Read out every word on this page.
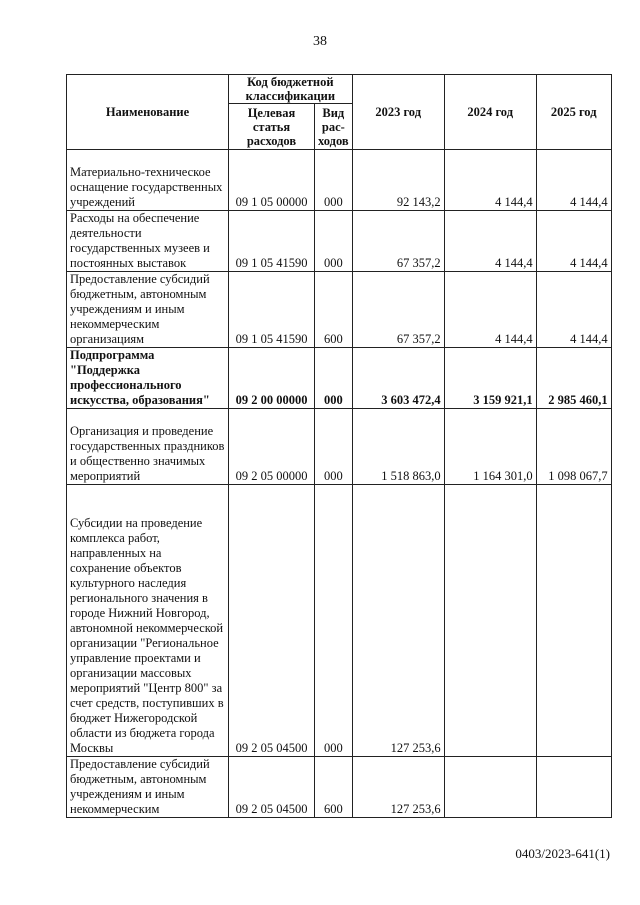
38
Наименование	Код бюджетной классификации		2023 год	2024 год	2025 год
	Целевая статья расходов	Вид рас-ходов			
Материально-техническое оснащение государственных учреждений	09 1 05 00000	000	92 143,2	4 144,4	4 144,4
Расходы на обеспечение деятельности государственных музеев и постоянных выставок	09 1 05 41590	000	67 357,2	4 144,4	4 144,4
Предоставление субсидий бюджетным, автономным учреждениям и иным некоммерческим организациям	09 1 05 41590	600	67 357,2	4 144,4	4 144,4
Подпрограмма "Поддержка профессионального искусства, образования"	09 2 00 00000	000	3 603 472,4	3 159 921,1	2 985 460,1
Организация и проведение государственных праздников и общественно значимых мероприятий	09 2 05 00000	000	1 518 863,0	1 164 301,0	1 098 067,7
Субсидии на проведение комплекса работ, направленных на сохранение объектов культурного наследия регионального значения в городе Нижний Новгород, автономной некоммерческой организации "Региональное управление проектами и организации массовых мероприятий "Центр 800" за счет средств, поступивших в бюджет Нижегородской области из бюджета города Москвы	09 2 05 04500	000	127 253,6		
Предоставление субсидий бюджетным, автономным учреждениям и иным некоммерческим	09 2 05 04500	600	127 253,6		
0403/2023-641(1)
